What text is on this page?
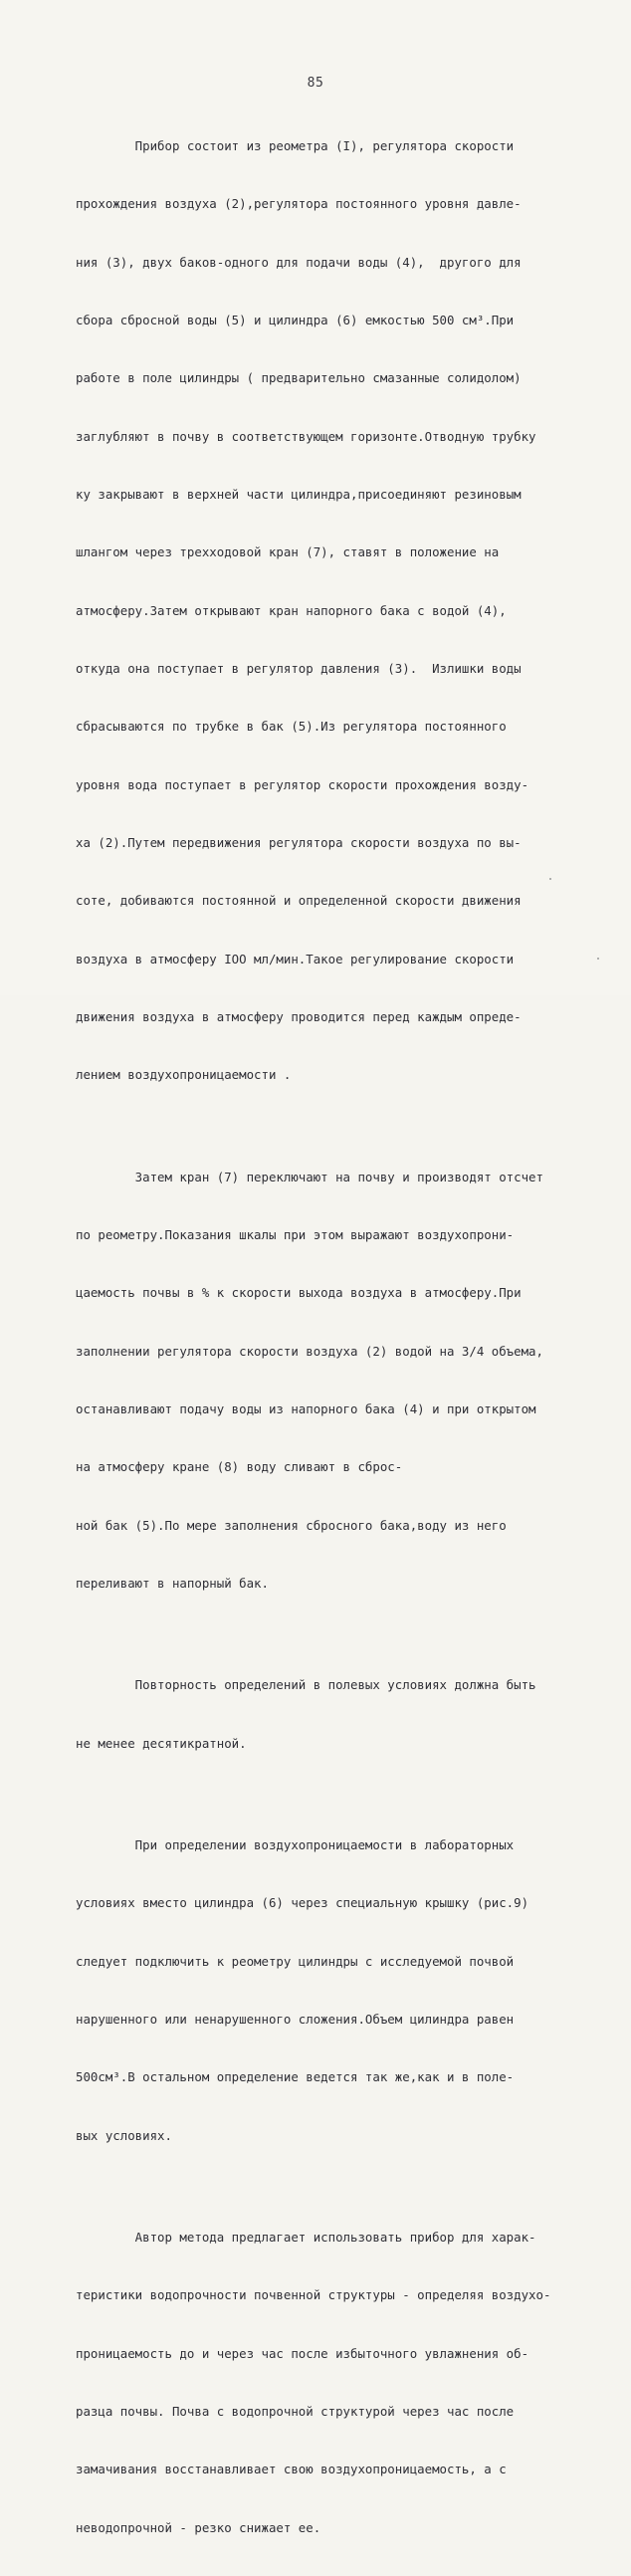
85

Прибор состоит из реометра (I), регулятора скорости

прохождения воздуха (2),регулятора постоянного уровня давле-

ния (3), двух баков-одного для подачи воды (4),  другого для

сбора сбросной воды (5) и цилиндра (6) емкостью 500 см³.При

работе в поле цилиндры ( предварительно смазанные солидолом)

заглубляют в почву в соответствующем горизонте.Отводную трубку

ку закрывают в верхней части цилиндра,присоединяют резиновым

шлангом через трехходовой кран (7), ставят в положение на

атмосферу.Затем открывают кран напорного бака с водой (4),

откуда она поступает в регулятор давления (3).  Излишки воды

сбрасываются по трубке в бак (5).Из регулятора постоянного

уровня вода поступает в регулятор скорости прохождения возду-

ха (2).Путем передвижения регулятора скорости воздуха по вы-

соте, добиваются постоянной и определенной скорости движения

воздуха в атмосферу IOO мл/мин.Такое регулирование скорости

движения воздуха в атмосферу проводится перед каждым опреде-

лением воздухопроницаемости .

Затем кран (7) переключают на почву и производят отсчет

по реометру.Показания шкалы при этом выражают воздухопрони-

цаемость почвы в % к скорости выхода воздуха в атмосферу.При

заполнении регулятора скорости воздуха (2) водой на 3/4 объема,

останавливают подачу воды из напорного бака (4) и при открытом

на атмосферу кране (8) воду сливают в сброс-

ной бак (5).По мере заполнения сбросного бака,воду из него

переливают в напорный бак.

Повторность определений в полевых условиях должна быть

не менее десятикратной.

При определении воздухопроницаемости в лабораторных

условиях вместо цилиндра (6) через специальную крышку (рис.9)

следует подключить к реометру цилиндры с исследуемой почвой

нарушенного или ненарушенного сложения.Объем цилиндра равен

500см³.В остальном определение ведется так же,как и в поле-

вых условиях.

Автор метода предлагает использовать прибор для харак-

теристики водопрочности почвенной структуры - определяя воздухо-

проницаемость до и через час после избыточного увлажнения об-

разца почвы. Почва с водопрочной структурой через час после

замачивания восстанавливает свою воздухопроницаемость, а с

неводопрочной - резко снижает ее.
